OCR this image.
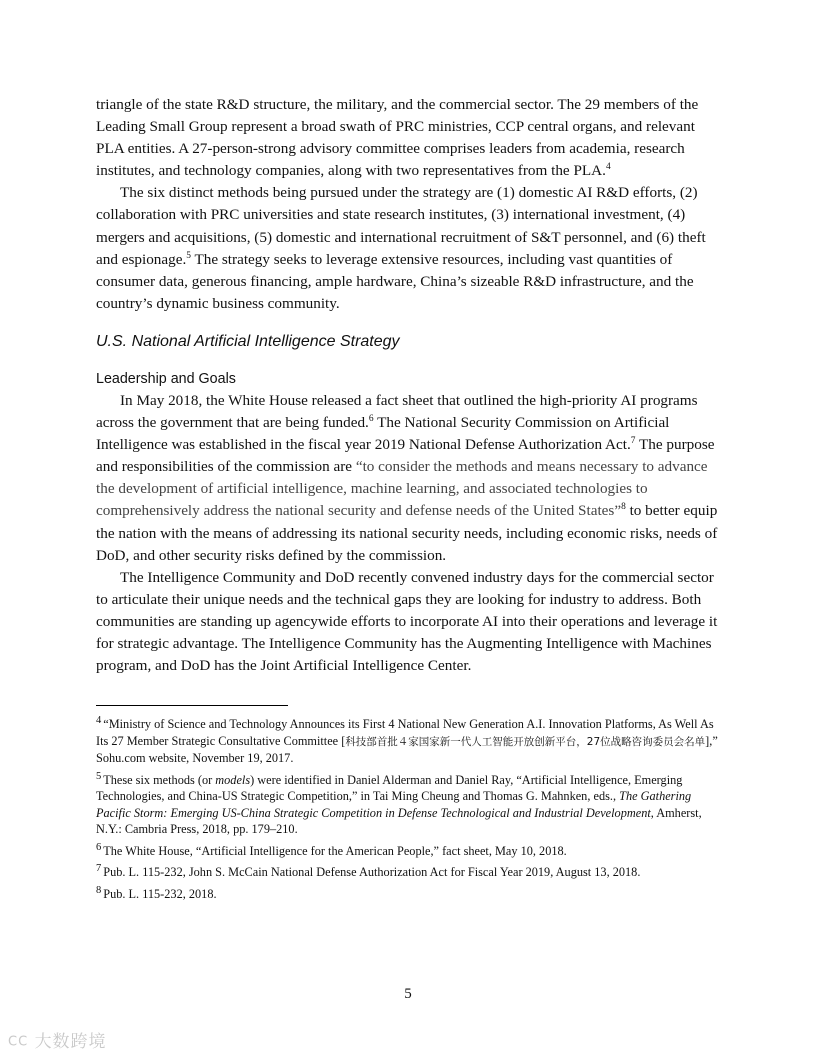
triangle of the state R&D structure, the military, and the commercial sector. The 29 members of the Leading Small Group represent a broad swath of PRC ministries, CCP central organs, and relevant PLA entities. A 27-person-strong advisory committee comprises leaders from academia, research institutes, and technology companies, along with two representatives from the PLA.$^4$

The six distinct methods being pursued under the strategy are (1) domestic AI R&D efforts, (2) collaboration with PRC universities and state research institutes, (3) international investment, (4) mergers and acquisitions, (5) domestic and international recruitment of S&T personnel, and (6) theft and espionage.$^5$ The strategy seeks to leverage extensive resources, including vast quantities of consumer data, generous financing, ample hardware, China’s sizeable R&D infrastructure, and the country’s dynamic business community.

U.S. National Artificial Intelligence Strategy
Leadership and Goals

In May 2018, the White House released a fact sheet that outlined the high-priority AI programs across the government that are being funded.$^6$ The National Security Commission on Artificial Intelligence was established in the fiscal year 2019 National Defense Authorization Act.$^7$ The purpose and responsibilities of the commission are “to consider the methods and means necessary to advance the development of artificial intelligence, machine learning, and associated technologies to comprehensively address the national security and defense needs of the United States”$^8$ to better equip the nation with the means of addressing its national security needs, including economic risks, needs of DoD, and other security risks defined by the commission.

The Intelligence Community and DoD recently convened industry days for the commercial sector to articulate their unique needs and the technical gaps they are looking for industry to address. Both communities are standing up agencywide efforts to incorporate AI into their operations and leverage it for strategic advantage. The Intelligence Community has the Augmenting Intelligence with Machines program, and DoD has the Joint Artificial Intelligence Center.

4 “Ministry of Science and Technology Announces its First 4 National New Generation A.I. Innovation Platforms, As Well As Its 27 Member Strategic Consultative Committee [科技部首批４家国家新一代人工智能开放创新平台，27位战略咨询委员会名单],” Sohu.com website, November 19, 2017.

5 These six methods (or models) were identified in Daniel Alderman and Daniel Ray, “Artificial Intelligence, Emerging Technologies, and China-US Strategic Competition,” in Tai Ming Cheung and Thomas G. Mahnken, eds., The Gathering Pacific Storm: Emerging US-China Strategic Competition in Defense Technological and Industrial Development, Amherst, N.Y.: Cambria Press, 2018, pp. 179–210.

6 The White House, “Artificial Intelligence for the American People,” fact sheet, May 10, 2018.

7 Pub. L. 115-232, John S. McCain National Defense Authorization Act for Fiscal Year 2019, August 13, 2018.

8 Pub. L. 115-232, 2018.

5
CC 大数跨境
